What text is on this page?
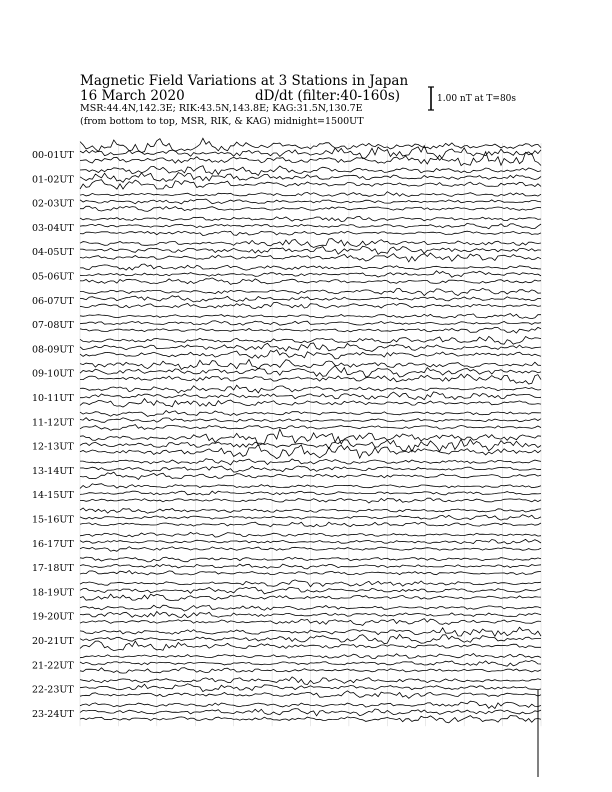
00-01UT
01-02UT
02-03UT
03-04UT
04-05UT
05-06UT
06-07UT
07-08UT
08-09UT
09-10UT
10-11UT
11-12UT
12-13UT
13-14UT
14-15UT
15-16UT
16-17UT
17-18UT
18-19UT
19-20UT
20-21UT
21-22UT
22-23UT
23-24UT
Magnetic Field Variations at 3 Stations in Japan
16 March 2020	dD/dt (filter:40-160s)
MSR:44.4N,142.3E; RIK:43.5N,143.8E; KAG:31.5N,130.7E
(from bottom to top, MSR, RIK, & KAG) midnight=1500UT
1.00 nT at T=80s
